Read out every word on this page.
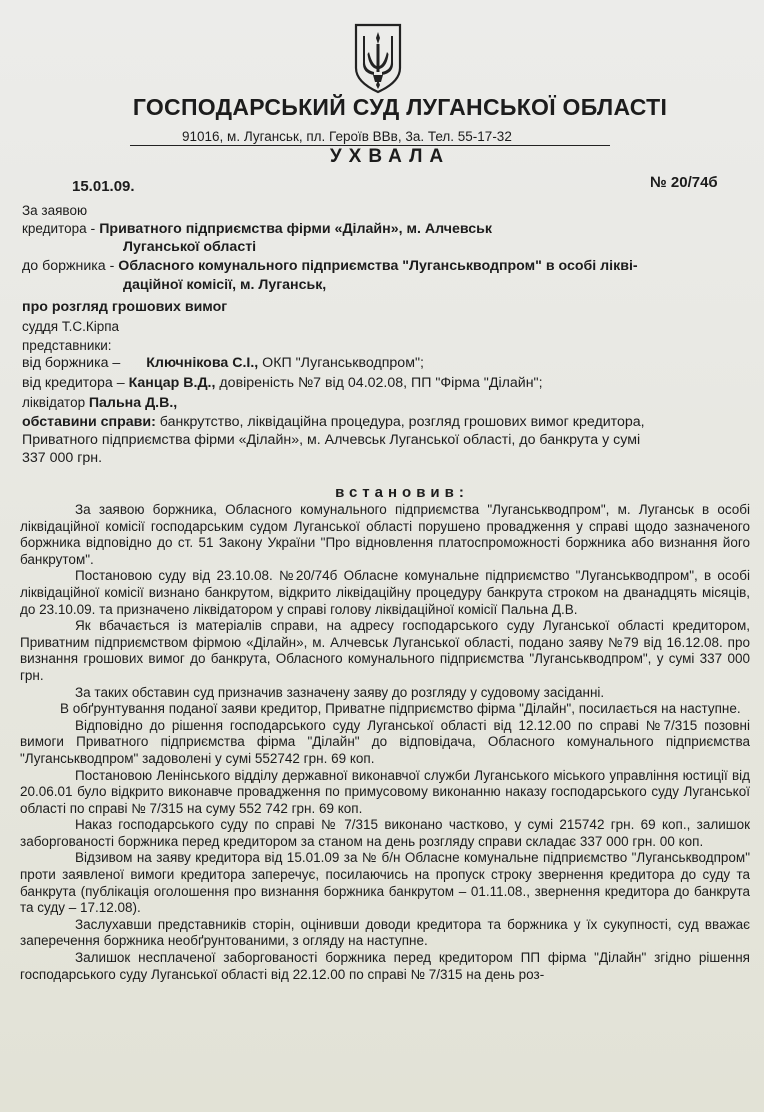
ГОСПОДАРСЬКИЙ СУД ЛУГАНСЬКОЇ ОБЛАСТІ
91016, м. Луганськ, пл. Героїв ВВв, 3а. Тел. 55-17-32
УХВАЛА
15.01.09.	№ 20/74б
За заявою
кредитора - Приватного підприємства фірми «Ділайн», м. Алчевськ
Луганської області
до боржника - Обласного комунального підприємства "Луганськводпром" в особі ліквi-
даційної комісії, м. Луганськ,
про розгляд грошових вимог
суддя Т.С.Кірпа
представники:
від боржника – Ключнікова С.І., ОКП "Луганськводпром";
від кредитора – Канцар В.Д., довіреність №7 від 04.02.08, ПП "Фірма "Ділайн";
ліквідатор Пальна Д.В.,
обставини справи: банкрутство, ліквідаційна процедура, розгляд грошових вимог кредитора,
Приватного підприємства фірми «Ділайн», м. Алчевськ Луганської області, до банкрута у сумі
337 000 грн.
встановив:

За заявою боржника, Обласного комунального підприємства "Луганськводпром", м. Луганськ в особі ліквідаційної комісії господарським судом Луганської області порушено провадження у справі щодо зазначеного боржника відповідно до ст. 51 Закону України "Про відновлення платоспроможності боржника або визнання його банкрутом".

Постановою суду від 23.10.08. №20/74б Обласне комунальне підприємство "Луганськводпром", в особі ліквідаційної комісії визнано банкрутом, відкрито ліквідаційну процедуру банкрута строком на дванадцять місяців, до 23.10.09. та призначено ліквідатором у справі голову ліквідаційної комісії Пальна Д.В.

Як вбачається із матеріалів справи, на адресу господарського суду Луганської області кредитором, Приватним підприємством фірмою «Ділайн», м. Алчевськ Луганської області, подано заяву №79 від 16.12.08. про визнання грошових вимог до банкрута, Обласного комунального підприємства "Луганськводпром", у сумі 337 000 грн.

За таких обставин суд призначив зазначену заяву до розгляду у судовому засіданні.

В обґрунтування поданої заяви кредитор, Приватне підприємство фірма "Ділайн", посилається на наступне.

Відповідно до рішення господарського суду Луганської області від 12.12.00 по справі №7/315 позовні вимоги Приватного підприємства фірма "Ділайн" до відповідача, Обласного комунального підприємства "Луганськводпром" задоволені у сумі 552742 грн. 69 коп.

Постановою Ленінського відділу державної виконавчої служби Луганського міського управління юстиції від 20.06.01 було відкрито виконавче провадження по примусовому виконанню наказу господарського суду Луганської області по справі № 7/315 на суму 552 742 грн. 69 коп.

Наказ господарського суду по справі № 7/315 виконано частково, у сумі 215742 грн. 69 коп., залишок заборгованості боржника перед кредитором за станом на день розгляду справи складає 337 000 грн. 00 коп.

Відзивом на заяву кредитора від 15.01.09 за № б/н Обласне комунальне підприємство "Луганськводпром" проти заявленої вимоги кредитора заперечує, посилаючись на пропуск строку звернення кредитора до суду та банкрута (публікація оголошення про визнання боржника банкрутом – 01.11.08., звернення кредитора до банкрута та суду – 17.12.08).

Заслухавши представників сторін, оцінивши доводи кредитора та боржника у їх сукупності, суд вважає заперечення боржника необґрунтованими, з огляду на наступне.

Залишок несплаченої заборгованості боржника перед кредитором ПП фірма "Ділайн" згідно рішення господарського суду Луганської області від 22.12.00 по справі № 7/315 на день роз-
